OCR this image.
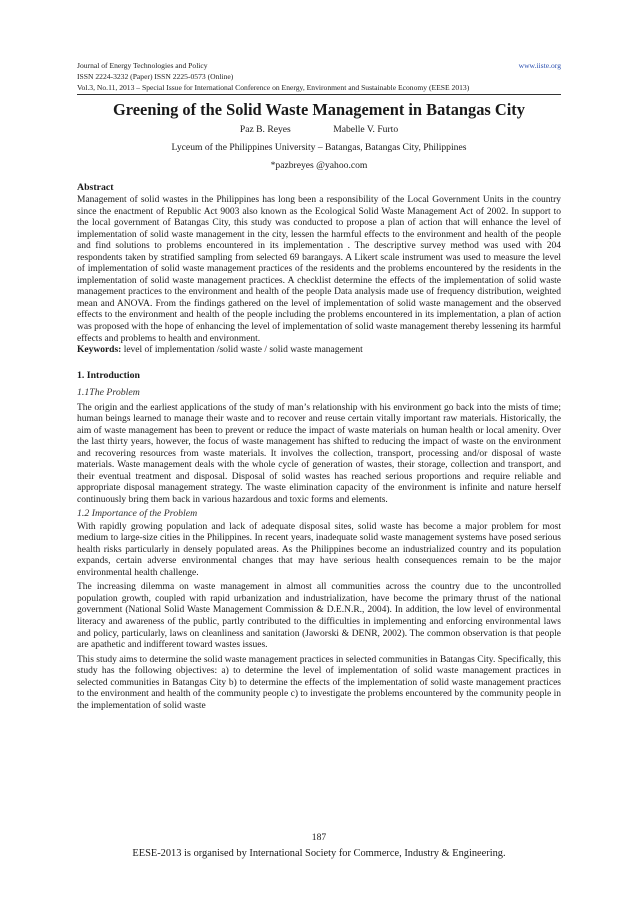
Journal of Energy Technologies and Policy	www.iiste.org
ISSN 2224-3232 (Paper) ISSN 2225-0573 (Online)
Vol.3, No.11, 2013 – Special Issue for International Conference on Energy, Environment and Sustainable Economy (EESE 2013)
Greening of the Solid Waste Management in Batangas City
Paz B. Reyes	Mabelle V. Furto
Lyceum of the Philippines University – Batangas, Batangas City, Philippines
*pazbreyes @yahoo.com
Abstract

Management of solid wastes in the Philippines has long been a responsibility of the Local Government Units in the country since the enactment of Republic Act 9003 also known as the Ecological Solid Waste Management Act of 2002. In support to the local government of Batangas City, this study was conducted to propose a plan of action that will enhance the level of implementation of solid waste management in the city, lessen the harmful effects to the environment and health of the people and find solutions to problems encountered in its implementation . The descriptive survey method was used with 204 respondents taken by stratified sampling from selected 69 barangays. A Likert scale instrument was used to measure the level of implementation of solid waste management practices of the residents and the problems encountered by the residents in the implementation of solid waste management practices. A checklist determine the effects of the implementation of solid waste management practices to the environment and health of the people Data analysis made use of frequency distribution, weighted mean and ANOVA. From the findings gathered on the level of implementation of solid waste management and the observed effects to the environment and health of the people including the problems encountered in its implementation, a plan of action was proposed with the hope of enhancing the level of implementation of solid waste management thereby lessening its harmful effects and problems to health and environment.

Keywords: level of implementation /solid waste / solid waste management

1. Introduction
1.1The Problem

The origin and the earliest applications of the study of man’s relationship with his environment go back into the mists of time; human beings learned to manage their waste and to recover and reuse certain vitally important raw materials. Historically, the aim of waste management has been to prevent or reduce the impact of waste materials on human health or local amenity. Over the last thirty years, however, the focus of waste management has shifted to reducing the impact of waste on the environment and recovering resources from waste materials. It involves the collection, transport, processing and/or disposal of waste materials. Waste management deals with the whole cycle of generation of wastes, their storage, collection and transport, and their eventual treatment and disposal. Disposal of solid wastes has reached serious proportions and require reliable and appropriate disposal management strategy. The waste elimination capacity of the environment is infinite and nature herself continuously bring them back in various hazardous and toxic forms and elements.

1.2 Importance of the Problem

With rapidly growing population and lack of adequate disposal sites, solid waste has become a major problem for most medium to large-size cities in the Philippines. In recent years, inadequate solid waste management systems have posed serious health risks particularly in densely populated areas. As the Philippines become an industrialized country and its population expands, certain adverse environmental changes that may have serious health consequences remain to be the major environmental health challenge.

The increasing dilemma on waste management in almost all communities across the country due to the uncontrolled population growth, coupled with rapid urbanization and industrialization, have become the primary thrust of the national government (National Solid Waste Management Commission & D.E.N.R., 2004). In addition, the low level of environmental literacy and awareness of the public, partly contributed to the difficulties in implementing and enforcing environmental laws and policy, particularly, laws on cleanliness and sanitation (Jaworski & DENR, 2002). The common observation is that people are apathetic and indifferent toward wastes issues.

This study aims to determine the solid waste management practices in selected communities in Batangas City. Specifically, this study has the following objectives: a) to determine the level of implementation of solid waste management practices in selected communities in Batangas City b) to determine the effects of the implementation of solid waste management practices to the environment and health of the community people c) to investigate the problems encountered by the community people in the implementation of solid waste

187
EESE-2013 is organised by International Society for Commerce, Industry & Engineering.
